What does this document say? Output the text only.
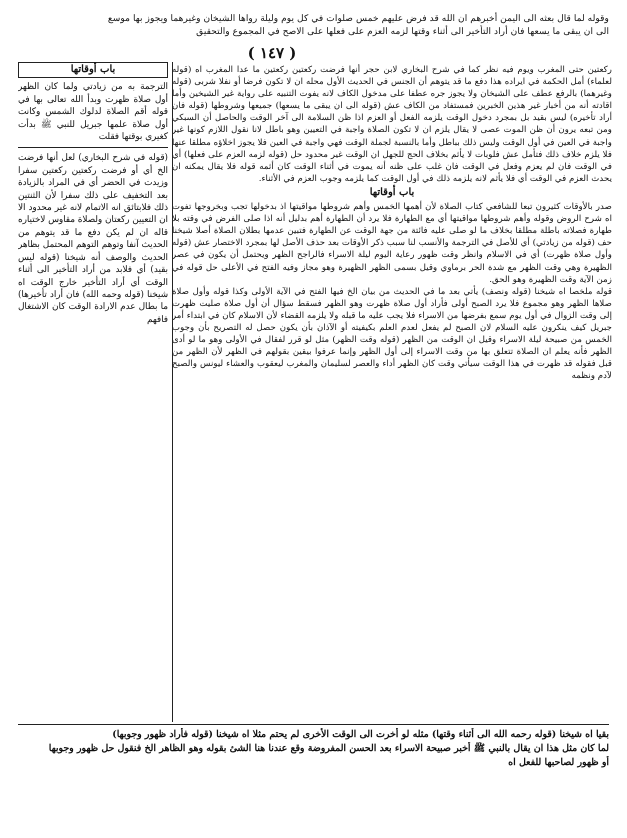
وقوله لما قال بعثه الى اليمن أخبرهم ان الله قد فرض عليهم خمس صلوات في كل يوم وليلة رواها الشيخان وغيرهما ويجوز بها موسع
الى ان يبقى ما يسعها فان أراد التأخير الى أثناء وقتها لزمه العزم على فعلها على الاصح في المجموع والتحقيق
( ١٤٧ )

ركعتين حتى المغرب ويوم فيه نظر كما في شرح البخاري لابن حجر أنها فرضت ركعتين ركعتين ما عدا المغرب اه (قوله لعلماء) أمل الحكمة في ايراده هذا دفع ما قد يتوهم أن الجنس في الحديث الأول محله ان لا تكون فرضا أو نفلا شربى (قوله وغيرهما) بالرفع عطف على الشيخان ولا يجوز جره عطفا على مدخول الكاف لانه يفوت التنبيه على رواية غير الشيخين وأما اقادته أنه من أخبار غير هذين الخبرين فمستفاد من الكاف عش (قوله الى ان يبقى ما يسعها) جميعها وشروطها (قوله فان أراد تأخيره) ليس بقيد بل بمجرد دخول الوقت يلزمه الفعل أو العزم اذا ظن السلامة الى آخر الوقت والحاصل أن السبكي ومن تبعه يرون أن ظن الموت عصى لا يقال يلزم ان لا تكون الصلاة واجبة في التعيين وهو باطل لانا نقول اللازم كونها غير واجبة في العين في أول الوقت وليس ذلك بباطل وأما بالنسبة لجملة الوقت فهي واجبة في العين فلا يجوز اخلاؤه مطلقا عنها فلا يلزم خلاف ذلك فتأمل عش فلوبات لا يأثم بخلاف الحج للجهل ان الوقت غير محدود حل (قوله لزمه العزم على فعلها) أي في الوقت فان لم يعزم وفعل في الوقت فان غلب على ظنه أنه يموت في أثناء الوقت كان أثمه قوله فلا يقال يمكنه ان يحدث العزم في الوقت أي فلا يأثم لانه يلزمه ذلك في أول الوقت كما يلزمه وجوب العزم في الأثناء.

باب أوقاتها

صدر بالأوقات كثيرون تبعا للشافعي كتاب الصلاة لأن أهمها الخمس وأهم شروطها مواقيتها اذ بدخولها تجب وبخروجها تفوت اه شرح الروض وقوله وأهم شروطها مواقيتها أي مع الطهارة فلا يرد أن الطهارة أهم بدليل أنه اذا صلى الفرض في وقته بلا طهارة فصلاته باطلة مطلقا بخلاف ما لو صلى عليه فائتة من جهة الوقت عن الطهارة فتبين عدمها بطلان الصلاة أصلا شيخنا حف (قوله من زيادتي) أي للأصل في الترجمة والأنسب لنا سبب ذكر الأوقات بعد حذف الأصل لها بمجرد الاختصار عش (قوله وأول صلاة ظهرت) أي في الاسلام وانظر وقت ظهور رعاية اليوم ليلة الاسراء فالراجح الظهر ويحتمل أن يكون في عصر الظهيرة وهي وقت الظهر مع شدة الحر برماوي وقيل بسمى الظهر الظهيرة وهو مجاز وفيه الفتح في الأعلى حل قوله في زمن الآية وقت الظهيرة وهو الحق.

قوله ملخصا اه شيخنا (قوله ونصف) يأتي بعد ما في الحديث من بيان الخ فيها الفتح في الآية الأولى وكذا قوله وأول صلاة صلاها الظهر وهو مجموع فلا يرد الصبح أولى فأراد أول صلاة ظهرت وهو الظهر فسقط سؤال أن أول صلاة صليت ظهرت إلى وقت الزوال في أول يوم سمع بفرضها من الاسراء فلا يجب عليه ما قبله ولا يلزمه القضاء لأن الاسلام كان في ابتداء أمر جبريل كيف ينكرون عليه السلام لان الصبح لم يفعل لعدم العلم بكيفيته أو الآذان بأن يكون حصل له التصريح بأن وجوب الخمس من صبيحة ليلة الاسراء وقيل ان الوقت من الظهر (قوله وقت الظهر) مثل لو قرر لفقال في الأولى وهو ما لو أدى الظهر فأنه يعلم ان الصلاة تتعلق بها من وقت الاسراء إلى أول الظهر وإنما عرفوا بيقين بقولهم في الظهر لأن الظهر من قبل فقوله قد ظهرت في هذا الوقت سيأتي وقت كان الظهر أداء والعصر لسليمان والمغرب ليعقوب والعشاء ليونس والصبح لآدم ونظمه

باب أوقاتها

الترجمة به من زيادتي ولما كان الظهر أول صلاة ظهرت وبدأ الله تعالى بها في قوله أقم الصلاة لدلوك الشمس وكانت أول صلاة علمها جبريل للنبي ﷺ بدأت كغيري بوقتها فقلت

(قوله في شرح البخاري) لعل أنها فرضت الخ أي أو فرضت ركعتين ركعتين سفرا وزيدت في الحضر أي في المراد بالزيادة بعد التخفيف على ذلك سفرا لأن الثنتين ذلك فلابتائق انه الاتمام لانه غير محدود الا ان التعيين ركعتان ولصلاة مقاوس لاختياره قاله ان لم يكن دفع ما قد يتوهم من الحديث آنفا وتوهم التوهم المحتمل بظاهر الحديث والوصف أنه شيخنا (قوله ليس بقيد) أي فلابد من أراد التأخير الى أثناء الوقت أي أراد التأخير خارج الوقت اه شيخنا (قوله وحمه الله) فان أراد تأخيرها) ما بطال عدم الارادة الوقت كان الاشتغال فافهم

بقيا اه شيخنا (قوله رحمه الله الى أثناء وقتها) مثله لو أخرت الى الوقت الأخرى لم يحتم مثلا اه شيخنا (قوله فأراد ظهور وجوبها)
لما كان مثل هذا ان يقال بالنبي ﷺ أخبر صبيحة الاسراء بعد الحسن المفروضة وقع عندنا هنا الشئ بقوله وهو الظاهر الخ فنقول حل ظهور وجوبها
أو ظهور لصاحبها للفعل اه
